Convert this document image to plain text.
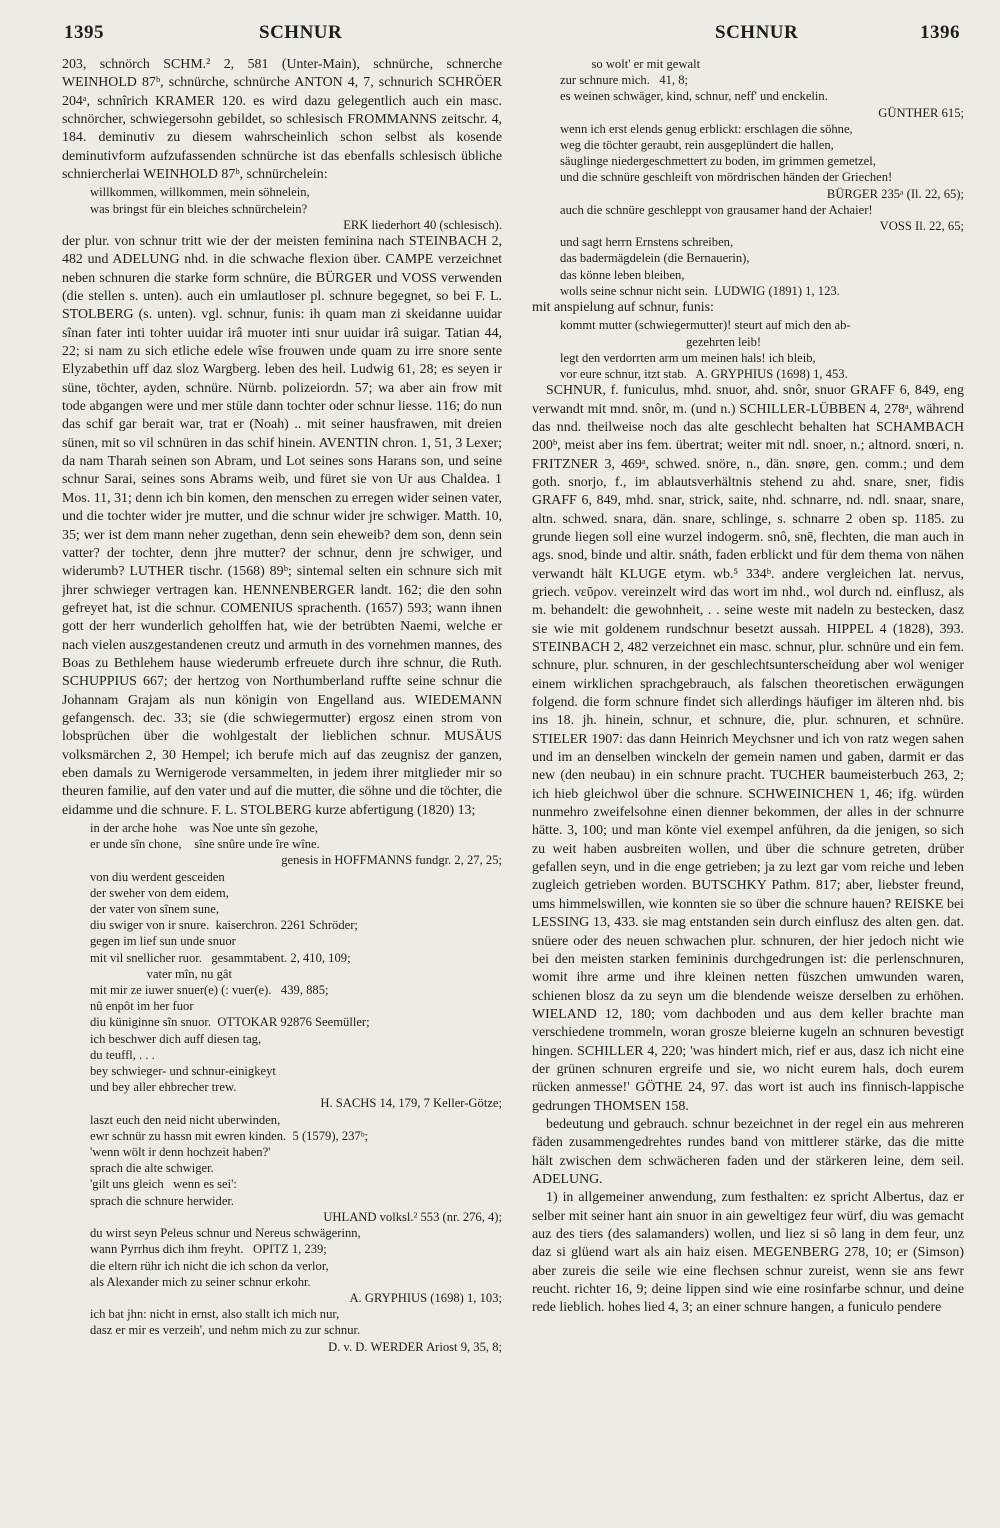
1395	SCHNUR	SCHNUR	1396

203, schnörch SCHM.² 2, 581 (Unter-Main), schnürche, schnerche WEINHOLD 87ᵇ, schnürche, schnürche ANTON 4, 7, schnurich SCHRÖER 204ᵃ, schnîrich KRAMER 120. es wird dazu gelegentlich auch ein masc. schnörcher, schwiegersohn gebildet, so schlesisch FROMMANNS zeitschr. 4, 184. deminutiv zu diesem wahrscheinlich schon selbst als kosende deminutivform aufzufassenden schnürche ist das ebenfalls schlesisch übliche schniercherlai WEINHOLD 87ᵇ, schnürchelein:

willkommen, willkommen, mein söhnelein,
was bringst für ein bleiches schnürchelein?

ERK liederhort 40 (schlesisch).

der plur. von schnur tritt wie der der meisten feminina nach STEINBACH 2, 482 und ADELUNG nhd. in die schwache flexion über. CAMPE verzeichnet neben schnuren die starke form schnüre, die BÜRGER und VOSS verwenden (die stellen s. unten). auch ein umlautloser pl. schnure begegnet, so bei F. L. STOLBERG (s. unten). vgl. schnur, funis: ih quam man zi skeidanne uuidar sînan fater inti tohter uuidar irâ muoter inti snur uuidar irâ suigar. Tatian 44, 22; si nam zu sich etliche edele wîse frouwen unde quam zu irre snore sente Elyzabethin uff daz sloz Wargberg. leben des heil. Ludwig 61, 28; es seyen ir süne, töchter, ayden, schnüre. Nürnb. polizeiordn. 57; wa aber ain frow mit tode abgangen were und mer stüle dann tochter oder schnur liesse. 116; do nun das schif gar berait war, trat er (Noah) .. mit seiner hausfrawen, mit dreien sünen, mit so vil schnüren in das schif hinein. AVENTIN chron. 1, 51, 3 Lexer; da nam Tharah seinen son Abram, und Lot seines sons Harans son, und seine schnur Sarai, seines sons Abrams weib, und füret sie von Ur aus Chaldea. 1 Mos. 11, 31; denn ich bin komen, den menschen zu erregen wider seinen vater, und die tochter wider jre mutter, und die schnur wider jre schwiger. Matth. 10, 35; wer ist dem mann neher zugethan, denn sein eheweib? dem son, denn sein vatter? der tochter, denn jhre mutter? der schnur, denn jre schwiger, und widerumb? LUTHER tischr. (1568) 89ᵇ; sintemal selten ein schnure sich mit jhrer schwieger vertragen kan. HENNENBERGER landt. 162; die den sohn gefreyet hat, ist die schnur. COMENIUS sprachenth. (1657) 593; wann ihnen gott der herr wunderlich geholffen hat, wie der betrübten Naemi, welche er nach vielen auszgestandenen creutz und armuth in des vornehmen mannes, des Boas zu Bethlehem hause wiederumb erfreuete durch ihre schnur, die Ruth. SCHUPPIUS 667; der hertzog von Northumberland ruffte seine schnur die Johannam Grajam als nun königin von Engelland aus. WIEDEMANN gefangensch. dec. 33; sie (die schwiegermutter) ergosz einen strom von lobsprüchen über die wohlgestalt der lieblichen schnur. MUSÄUS volksmärchen 2, 30 Hempel; ich berufe mich auf das zeugnisz der ganzen, eben damals zu Wernigerode versammelten, in jedem ihrer mitglieder mir so theuren familie, auf den vater und auf die mutter, die söhne und die töchter, die eidamme und die schnure. F. L. STOLBERG kurze abfertigung (1820) 13;

in der arche hohe    was Noe unte sîn gezohe,
er unde sîn chone,    sîne snûre unde îre wîne.

genesis in HOFFMANNS fundgr. 2, 27, 25;

von diu werdent gesceiden
der sweher von dem eidem,
der vater von sînem sune,
diu swiger von ir snure.  kaiserchron. 2261 Schröder;
gegen im lief sun unde snuor
mit vil snellicher ruor.   gesammtabent. 2, 410, 109;
vater mîn, nu gât
mit mir ze iuwer snuer(e) (: vuer(e).   439, 885;
nû enpôt im her fuor
diu küniginne sîn snuor.  OTTOKAR 92876 Seemüller;
ich beschwer dich auff diesen tag,
du teuffl, . . .
bey schwieger- und schnur-einigkeyt
und bey aller ehbrecher trew.

H. SACHS 14, 179, 7 Keller-Götze;

laszt euch den neid nicht uberwinden,
ewr schnür zu hassn mit ewren kinden.  5 (1579), 237ᵇ;
'wenn wölt ir denn hochzeit haben?'
sprach die alte schwiger.
'gilt uns gleich   wenn es sei':
sprach die schnure herwider.

UHLAND volksl.² 553 (nr. 276, 4);

du wirst seyn Peleus schnur und Nereus schwägerinn,
wann Pyrrhus dich ihm freyht.   OPITZ 1, 239;
die eltern rühr ich nicht die ich schon da verlor,
als Alexander mich zu seiner schnur erkohr.

A. GRYPHIUS (1698) 1, 103;

ich bat jhn: nicht in ernst, also stallt ich mich nur,
dasz er mir es verzeih', und nehm mich zu zur schnur.

D. v. D. WERDER Ariost 9, 35, 8;

so wolt' er mit gewalt
zur schnure mich.   41, 8;
es weinen schwäger, kind, schnur, neff' und enckelin.

GÜNTHER 615;

wenn ich erst elends genug erblickt: erschlagen die söhne,
weg die töchter geraubt, rein ausgeplündert die hallen,
säuglinge niedergeschmettert zu boden, im grimmen gemetzel,
und die schnüre geschleift von mördrischen händen der Griechen!

BÜRGER 235ᵃ (Il. 22, 65);

auch die schnüre geschleppt von grausamer hand der Achaier!

VOSS Il. 22, 65;

und sagt herrn Ernstens schreiben,
das badermägdelein (die Bernauerin),
das könne leben bleiben,
wolls seine schnur nicht sein.  LUDWIG (1891) 1, 123.

mit anspielung auf schnur, funis:

kommt mutter (schwiegermutter)! steurt auf mich den ab-
gezehrten leib!
legt den verdorrten arm um meinen hals! ich bleib,
vor eure schnur, itzt stab.   A. GRYPHIUS (1698) 1, 453.

SCHNUR, f. funiculus, mhd. snuor, ahd. snôr, snuor GRAFF 6, 849, eng verwandt mit mnd. snôr, m. (und n.) SCHILLER-LÜBBEN 4, 278ᵃ, während das nnd. theilweise noch das alte geschlecht behalten hat SCHAMBACH 200ᵇ, meist aber ins fem. übertrat; weiter mit ndl. snoer, n.; altnord. snœri, n. FRITZNER 3, 469ᵃ, schwed. snöre, n., dän. snøre, gen. comm.; und dem goth. snorjo, f., im ablautsverhältnis stehend zu ahd. snare, sner, fidis GRAFF 6, 849, mhd. snar, strick, saite, nhd. schnarre, nd. ndl. snaar, snare, altn. schwed. snara, dän. snare, schlinge, s. schnarre 2 oben sp. 1185. zu grunde liegen soll eine wurzel indogerm. snô, snē, flechten, die man auch in ags. snod, binde und altir. snáth, faden erblickt und für dem thema von nähen verwandt hält KLUGE etym. wb.⁵ 334ᵇ. andere vergleichen lat. nervus, griech. νεῦρον. vereinzelt wird das wort im nhd., wol durch nd. einflusz, als m. behandelt: die gewohnheit, . . seine weste mit nadeln zu bestecken, dasz sie wie mit goldenem rundschnur besetzt aussah. HIPPEL 4 (1828), 393. STEINBACH 2, 482 verzeichnet ein masc. schnur, plur. schnüre und ein fem. schnure, plur. schnuren, in der geschlechtsunterscheidung aber wol weniger einem wirklichen sprachgebrauch, als falschen theoretischen erwägungen folgend. die form schnure findet sich allerdings häufiger im älteren nhd. bis ins 18. jh. hinein, schnur, et schnure, die, plur. schnuren, et schnüre. STIELER 1907: das dann Heinrich Meychsner und ich von ratz wegen sahen und im an denselben winckeln der gemein namen und gaben, darmit er das new (den neubau) in ein schnure pracht. TUCHER baumeisterbuch 263, 2; ich hieb gleichwol über die schnure. SCHWEINICHEN 1, 46; ifg. würden nunmehro zweifelsohne einen dienner bekommen, der alles in der schnurre hätte. 3, 100; und man könte viel exempel anführen, da die jenigen, so sich zu weit haben ausbreiten wollen, und über die schnure getreten, drüber gefallen seyn, und in die enge getrieben; ja zu lezt gar vom reiche und leben zugleich getrieben worden. BUTSCHKY Pathm. 817; aber, liebster freund, ums himmelswillen, wie konnten sie so über die schnure hauen? REISKE bei LESSING 13, 433. sie mag entstanden sein durch einflusz des alten gen. dat. snüere oder des neuen schwachen plur. schnuren, der hier jedoch nicht wie bei den meisten starken femininis durchgedrungen ist: die perlenschnuren, womit ihre arme und ihre kleinen netten füszchen umwunden waren, schienen blosz da zu seyn um die blendende weisze derselben zu erhöhen. WIELAND 12, 180; vom dachboden und aus dem keller brachte man verschiedene trommeln, woran grosze bleierne kugeln an schnuren bevestigt hingen. SCHILLER 4, 220; 'was hindert mich, rief er aus, dasz ich nicht eine der grünen schnuren ergreife und sie, wo nicht eurem hals, doch eurem rücken anmesse!' GÖTHE 24, 97. das wort ist auch ins finnisch-lappische gedrungen THOMSEN 158.

bedeutung und gebrauch. schnur bezeichnet in der regel ein aus mehreren fäden zusammengedrehtes rundes band von mittlerer stärke, das die mitte hält zwischen dem schwächeren faden und der stärkeren leine, dem seil. ADELUNG.

1) in allgemeiner anwendung, zum festhalten: ez spricht Albertus, daz er selber mit seiner hant ain snuor in ain geweltigez feur würf, diu was gemacht auz des tiers (des salamanders) wollen, und liez si sô lang in dem feur, unz daz si glüend wart als ain haiz eisen. MEGENBERG 278, 10; er (Simson) aber zureis die seile wie eine flechsen schnur zureist, wenn sie ans fewr reucht. richter 16, 9; deine lippen sind wie eine rosinfarbe schnur, und deine rede lieblich. hohes lied 4, 3; an einer schnure hangen, a funiculo pendere
